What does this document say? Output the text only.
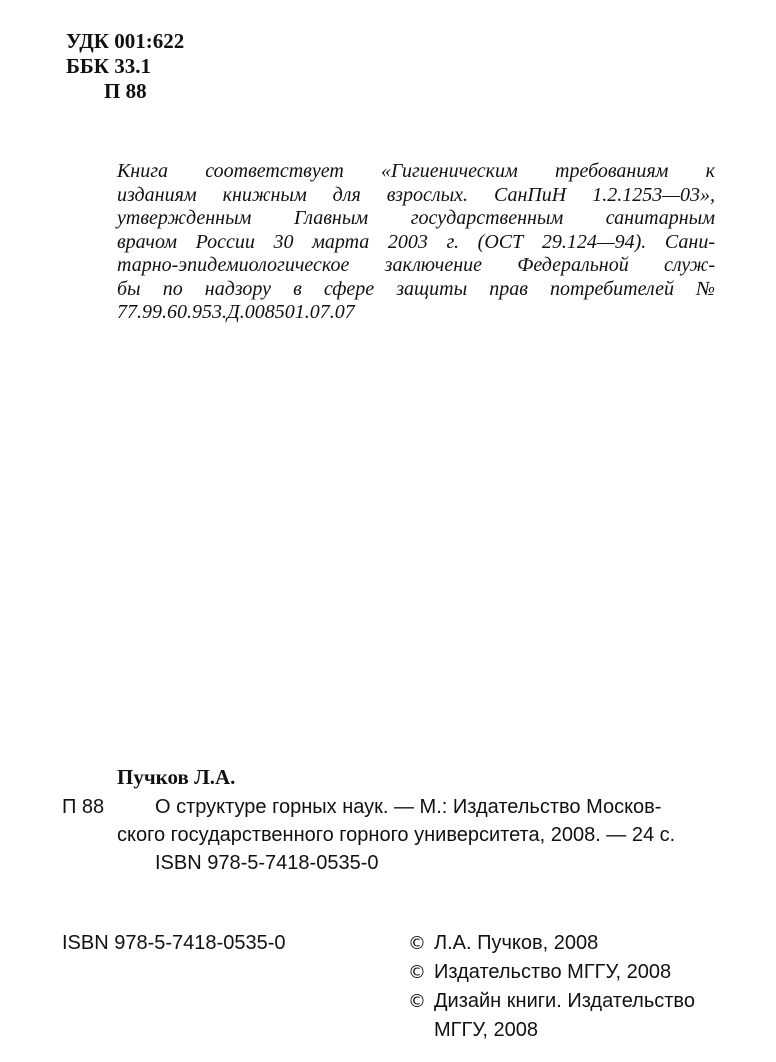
УДК 001:622
ББК 33.1
П 88
Книга соответствует «Гигиеническим требованиям к
изданиям книжным для взрослых. СанПиН 1.2.1253—03»,
утвержденным Главным государственным санитарным
врачом России 30 марта 2003 г. (ОСТ 29.124—94). Сани-
тарно-эпидемиологическое заключение Федеральной служ-
бы по надзору в сфере защиты прав потребителей №
77.99.60.953.Д.008501.07.07
Пучков Л.А.
П 88	О структуре горных наук. — М.: Издательство Москов-
ского государственного горного университета, 2008. — 24 с.
ISBN 978-5-7418-0535-0
ISBN 978-5-7418-0535-0	© Л.А. Пучков, 2008
© Издательство МГГУ, 2008
© Дизайн книги. Издательство
МГГУ, 2008
